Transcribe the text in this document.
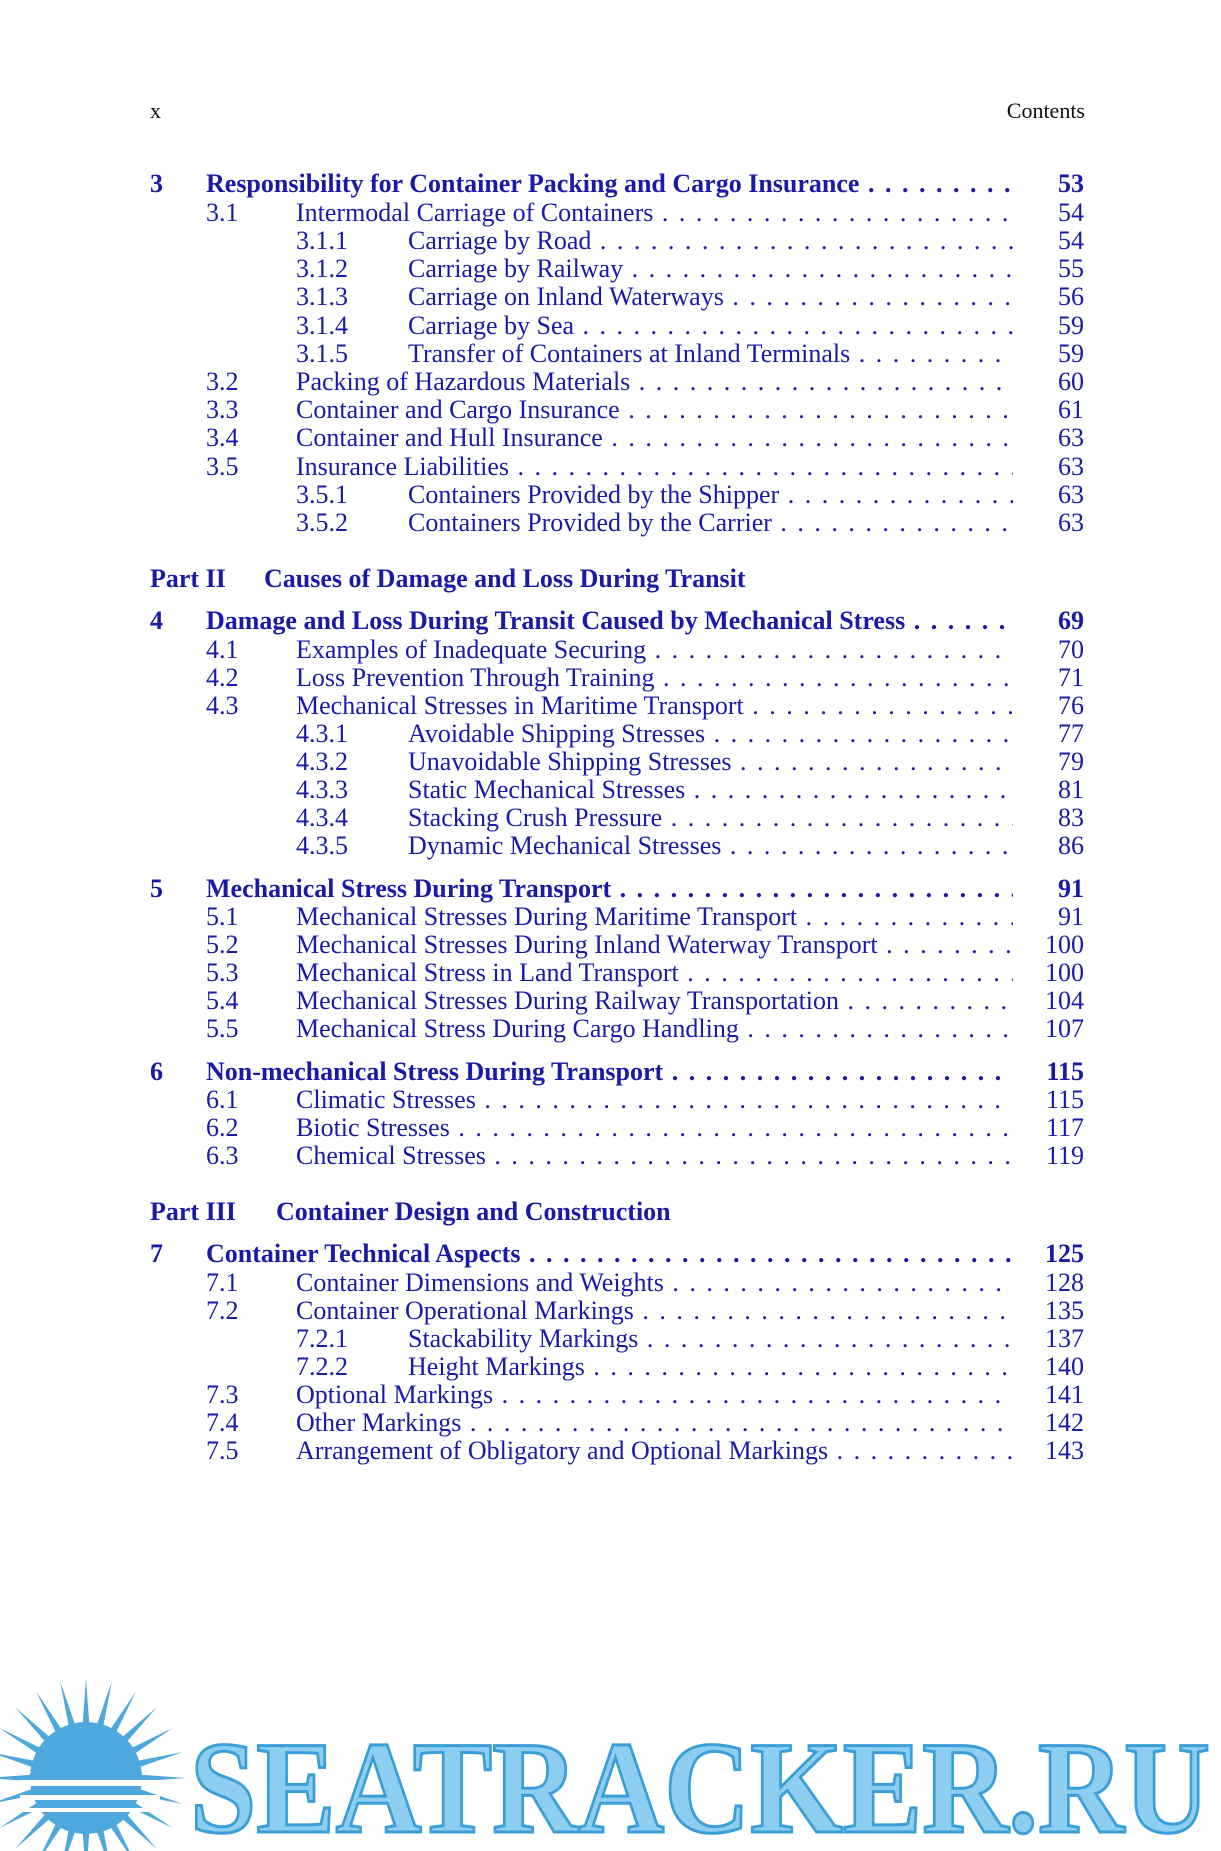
x	Contents
3 Responsibility for Container Packing and Cargo Insurance . . .	53
3.1 Intermodal Carriage of Containers . . .	54
3.1.1 Carriage by Road . . .	54
3.1.2 Carriage by Railway . . .	55
3.1.3 Carriage on Inland Waterways . . .	56
3.1.4 Carriage by Sea . . .	59
3.1.5 Transfer of Containers at Inland Terminals . . .	59
3.2 Packing of Hazardous Materials . . .	60
3.3 Container and Cargo Insurance . . .	61
3.4 Container and Hull Insurance . . .	63
3.5 Insurance Liabilities . . .	63
3.5.1 Containers Provided by the Shipper . . .	63
3.5.2 Containers Provided by the Carrier . . .	63
Part II Causes of Damage and Loss During Transit
4 Damage and Loss During Transit Caused by Mechanical Stress . . .	69
4.1 Examples of Inadequate Securing . . .	70
4.2 Loss Prevention Through Training . . .	71
4.3 Mechanical Stresses in Maritime Transport . . .	76
4.3.1 Avoidable Shipping Stresses . . .	77
4.3.2 Unavoidable Shipping Stresses . . .	79
4.3.3 Static Mechanical Stresses . . .	81
4.3.4 Stacking Crush Pressure . . .	83
4.3.5 Dynamic Mechanical Stresses . . .	86
5 Mechanical Stress During Transport . . .	91
5.1 Mechanical Stresses During Maritime Transport . . .	91
5.2 Mechanical Stresses During Inland Waterway Transport . . .	100
5.3 Mechanical Stress in Land Transport . . .	100
5.4 Mechanical Stresses During Railway Transportation . . .	104
5.5 Mechanical Stress During Cargo Handling . . .	107
6 Non-mechanical Stress During Transport . . .	115
6.1 Climatic Stresses . . .	115
6.2 Biotic Stresses . . .	117
6.3 Chemical Stresses . . .	119
Part III Container Design and Construction
7 Container Technical Aspects . . .	125
7.1 Container Dimensions and Weights . . .	128
7.2 Container Operational Markings . . .	135
7.2.1 Stackability Markings . . .	137
7.2.2 Height Markings . . .	140
7.3 Optional Markings . . .	141
7.4 Other Markings . . .	142
7.5 Arrangement of Obligatory and Optional Markings . . .	143
SEATRACKER.RU
